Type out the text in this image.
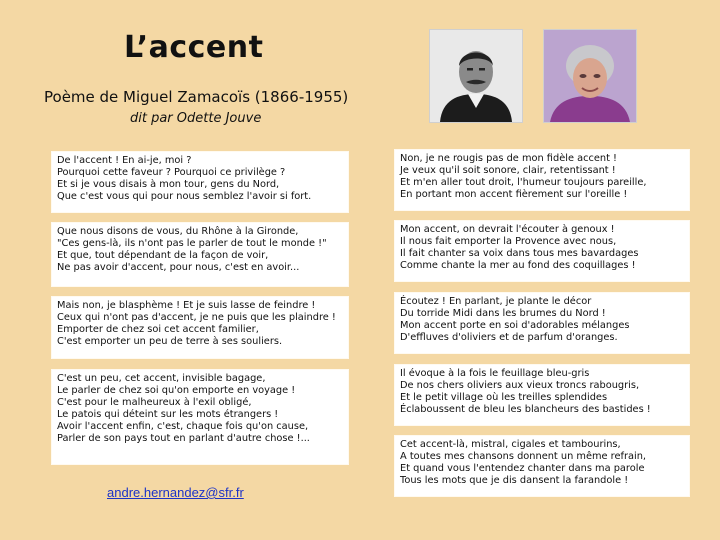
L’accent
Poème de Miguel Zamacoïs (1866-1955)
dit par Odette Jouve
De l'accent ! En ai-je, moi ?
Pourquoi cette faveur ? Pourquoi ce privilège ?
Et si je vous disais à mon tour, gens du Nord,
Que c'est vous qui pour nous semblez l'avoir si fort.
Que nous disons de vous, du Rhône à la Gironde,
"Ces gens-là, ils n'ont pas le parler de tout le monde !"
Et que, tout dépendant de la façon de voir,
Ne pas avoir d'accent, pour nous, c'est en avoir...
Mais non, je blasphème ! Et je suis lasse de feindre !
Ceux qui n'ont pas d'accent, je ne puis que les plaindre !
Emporter de chez soi cet accent familier,
C'est emporter un peu de terre à ses souliers.
C'est un peu, cet accent, invisible bagage,
Le parler de chez soi qu'on emporte en voyage !
C'est pour le malheureux à l'exil obligé,
Le patois qui déteint sur les mots étrangers !
Avoir l'accent enfin, c'est, chaque fois qu'on cause,
Parler de son pays tout en parlant d'autre chose !...
Non, je ne rougis pas de mon fidèle accent !
Je veux qu'il soit sonore, clair, retentissant !
Et m'en aller tout droit, l'humeur toujours pareille,
En portant mon accent fièrement sur l'oreille !
Mon accent, on devrait l'écouter à genoux !
Il nous fait emporter la Provence avec nous,
Il fait chanter sa voix dans tous mes bavardages
Comme chante la mer au fond des coquillages !
Écoutez ! En parlant, je plante le décor
Du torride Midi dans les brumes du Nord !
Mon accent porte en soi d'adorables mélanges
D'effluves d'oliviers et de parfum d'oranges.
Il évoque à la fois le feuillage bleu-gris
De nos chers oliviers aux vieux troncs rabougris,
Et le petit village où les treilles splendides
Éclaboussent de bleu les blancheurs des bastides !
Cet accent-là, mistral, cigales et tambourins,
A toutes mes chansons donnent un même refrain,
Et quand vous l'entendez chanter dans ma parole
Tous les mots que je dis dansent la farandole !
andre.hernandez@sfr.fr
